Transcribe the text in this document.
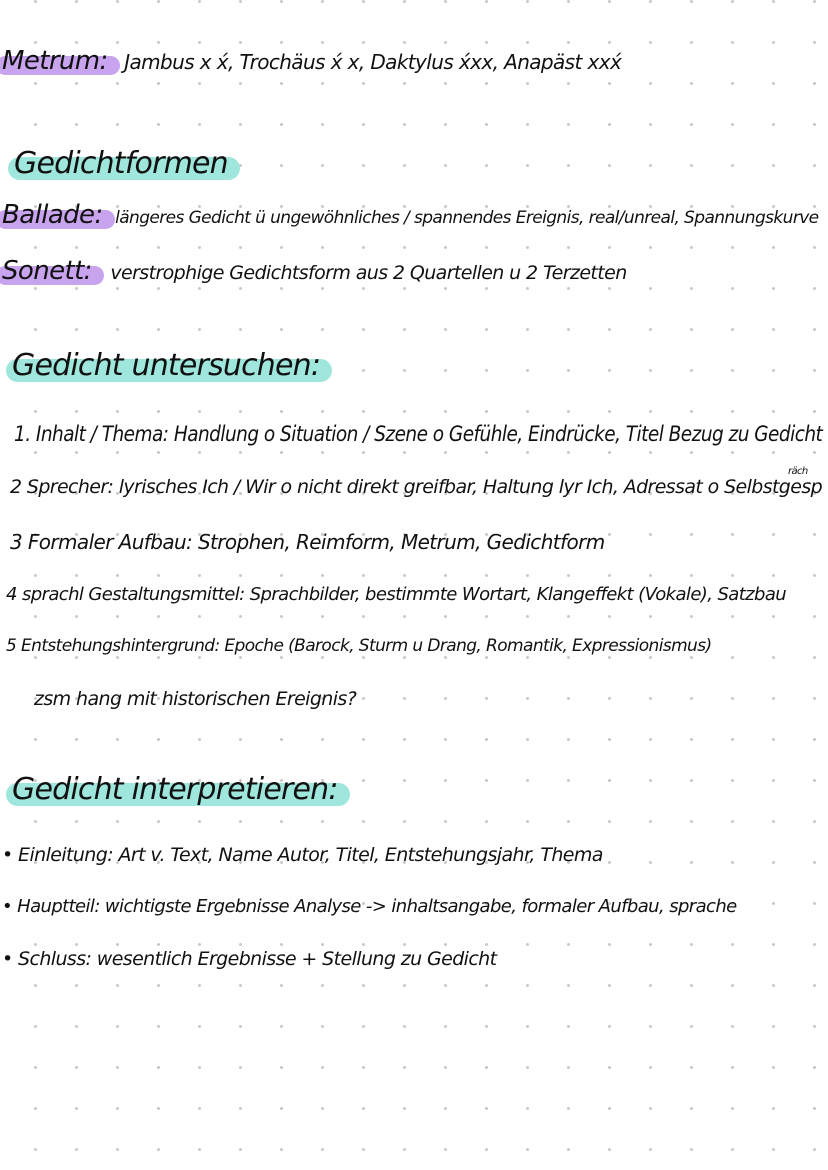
Metrum: Jambus x x́, Trochäus x́ x, Daktylus x́xx, Anapäst xxx́
Gedichtformen
Ballade: längeres Gedicht ü ungewöhnliches / spannendes Ereignis, real/unreal, Spannungskurve
Sonett: verstrophige Gedichtsform aus 2 Quartellen u 2 Terzetten
Gedicht untersuchen:
1. Inhalt / Thema: Handlung o Situation / Szene o Gefühle, Eindrücke, Titel Bezug zu Gedicht
2 Sprecher: lyrisches Ich / Wir o nicht direkt greifbar, Haltung lyr Ich, Adressat o Selbstgesp
räch
3 Formaler Aufbau: Strophen, Reimform, Metrum, Gedichtform
4 sprachl Gestaltungsmittel: Sprachbilder, bestimmte Wortart, Klangeffekt (Vokale), Satzbau
5 Entstehungshintergrund: Epoche (Barock, Sturm u Drang, Romantik, Expressionismus)
zsm hang mit historischen Ereignis?
Gedicht interpretieren:
• Einleitung: Art v. Text, Name Autor, Titel, Entstehungsjahr, Thema
• Hauptteil: wichtigste Ergebnisse Analyse -> inhaltsangabe, formaler Aufbau, sprache
• Schluss: wesentlich Ergebnisse + Stellung zu Gedicht
